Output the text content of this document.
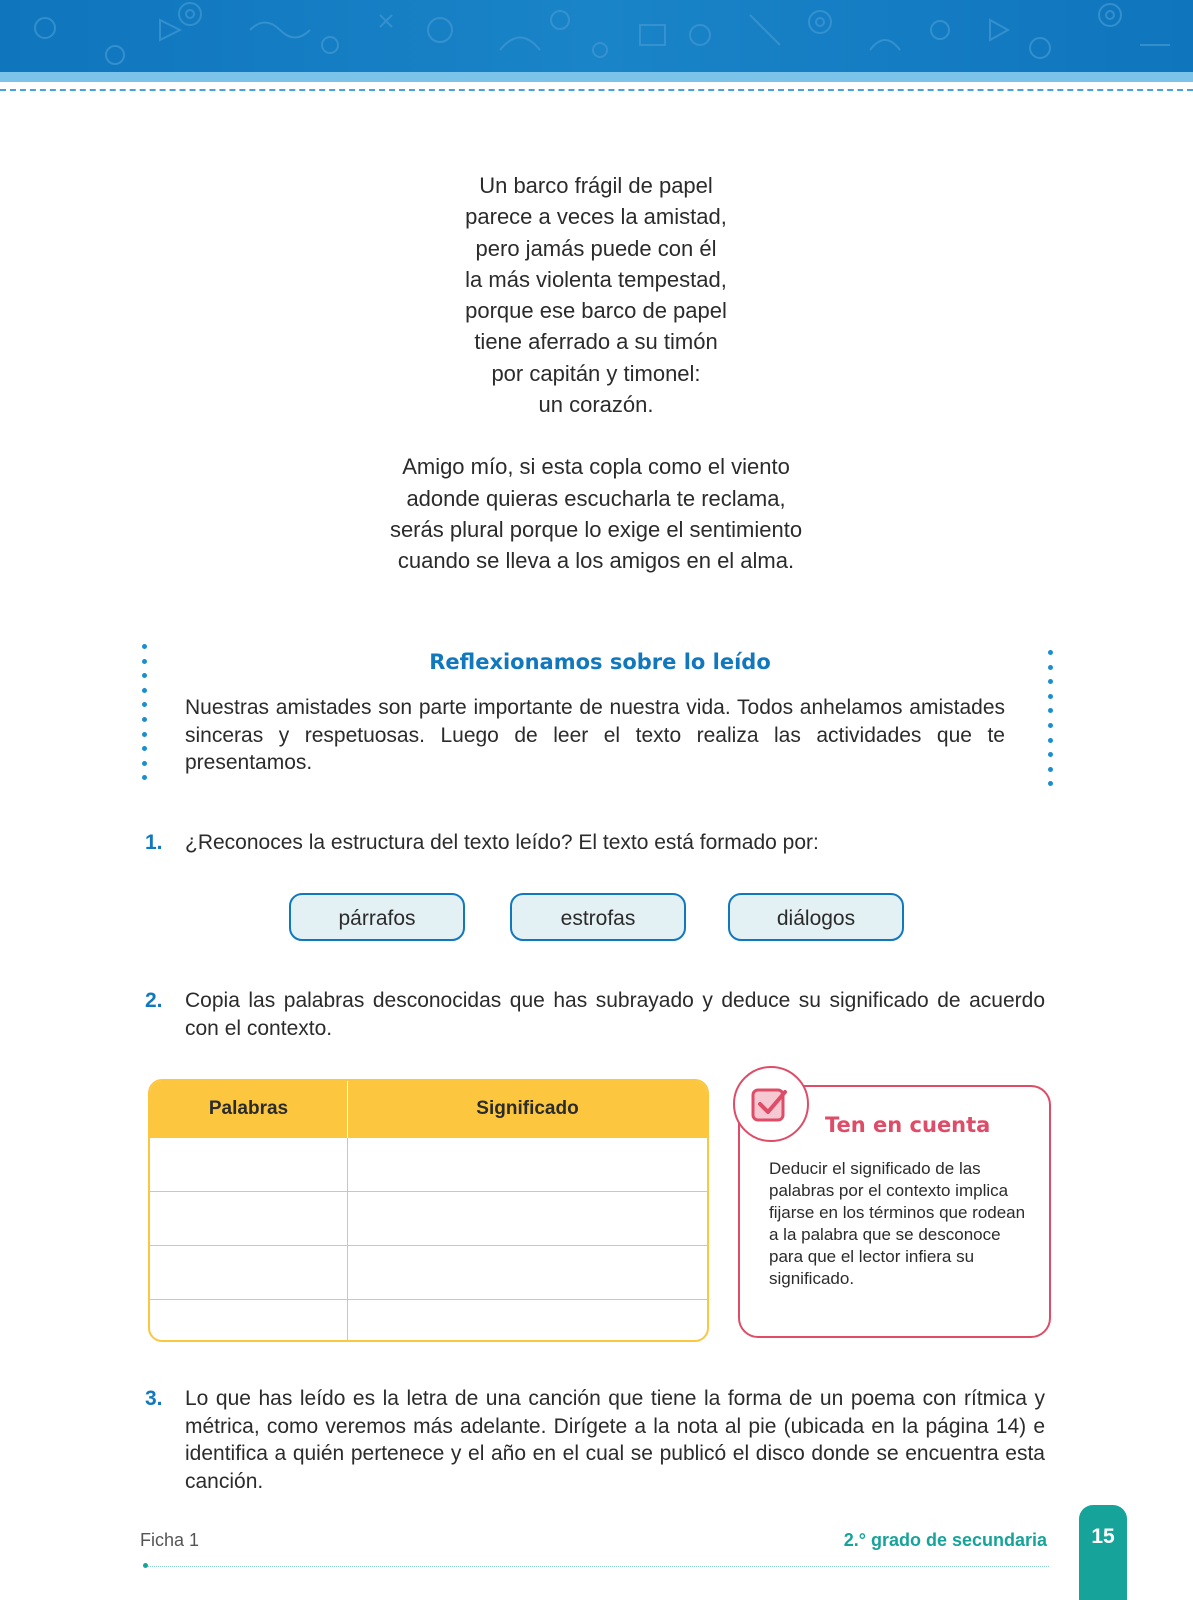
Un barco frágil de papel
parece a veces la amistad,
pero jamás puede con él
la más violenta tempestad,
porque ese barco de papel
tiene aferrado a su timón
por capitán y timonel:
un corazón.
Amigo mío, si esta copla como el viento
adonde quieras escucharla te reclama,
serás plural porque lo exige el sentimiento
cuando se lleva a los amigos en el alma.
Reflexionamos sobre lo leído
Nuestras amistades son parte importante de nuestra vida. Todos anhelamos amistades sinceras y respetuosas. Luego de leer el texto realiza las actividades que te presentamos.
1. ¿Reconoces la estructura del texto leído? El texto está formado por:
párrafos	estrofas	diálogos
2. Copia las palabras desconocidas que has subrayado y deduce su significado de acuerdo con el contexto.
Palabras	Significado

Ten en cuenta
Deducir el significado de las palabras por el contexto implica fijarse en los términos que rodean a la palabra que se desconoce para que el lector infiera su significado.
3. Lo que has leído es la letra de una canción que tiene la forma de un poema con rítmica y métrica, como veremos más adelante. Dirígete a la nota al pie (ubicada en la página 14) e identifica a quién pertenece y el año en el cual se publicó el disco donde se encuentra esta canción.
Ficha 1	2.° grado de secundaria	15
